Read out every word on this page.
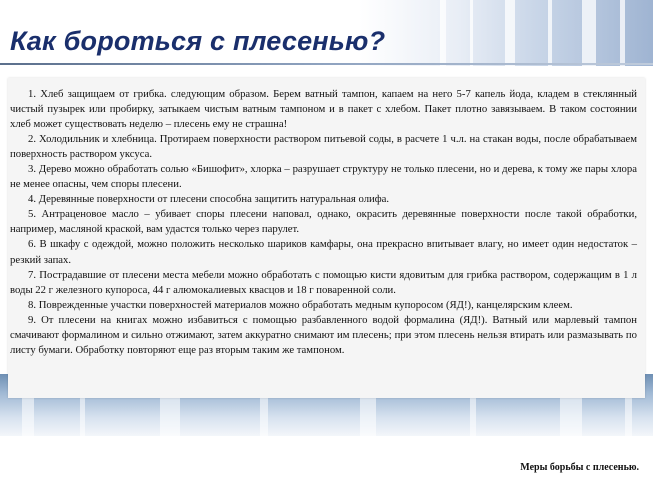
Как бороться с плесенью?

1. Хлеб защищаем от грибка. следующим образом. Берем ватный тампон, капаем на него 5-7 капель йода, кладем в стеклянный чистый пузырек или пробирку, затыкаем чистым ватным тампоном и в пакет с хлебом. Пакет плотно завязываем. В таком состоянии хлеб может существовать неделю – плесень ему не страшна!

2. Холодильник и хлебница. Протираем поверхности раствором питьевой соды, в расчете 1 ч.л. на стакан воды, после обрабатываем поверхность раствором уксуса.

3. Дерево можно обработать солью «Бишофит», хлорка – разрушает структуру не только плесени, но и дерева, к тому же пары хлора не менее опасны, чем споры плесени.

4. Деревянные поверхности от плесени способна защитить натуральная олифа.

5. Антраценовое масло – убивает споры плесени наповал, однако, окрасить деревянные поверхности после такой обработки, например, масляной краской, вам удастся только через парулет.

6. В шкафу с одеждой, можно положить несколько шариков камфары, она прекрасно впитывает влагу, но имеет один недостаток – резкий запах.

7. Пострадавшие от плесени места мебели можно обработать с помощью кисти ядовитым для грибка раствором, содержащим в 1 л воды 22 г железного купороса, 44 г алюмокалиевых квасцов и 18 г поваренной соли.

8. Поврежденные участки поверхностей материалов можно обработать медным купоросом (ЯД!), канцелярским клеем.

9. От плесени на книгах можно избавиться с помощью разбавленного водой формалина (ЯД!). Ватный или марлевый тампон смачивают формалином и сильно отжимают, затем аккуратно снимают им плесень; при этом плесень нельзя втирать или размазывать по листу бумаги. Обработку повторяют еще раз вторым таким же тампоном.

Меры борьбы с плесенью.
